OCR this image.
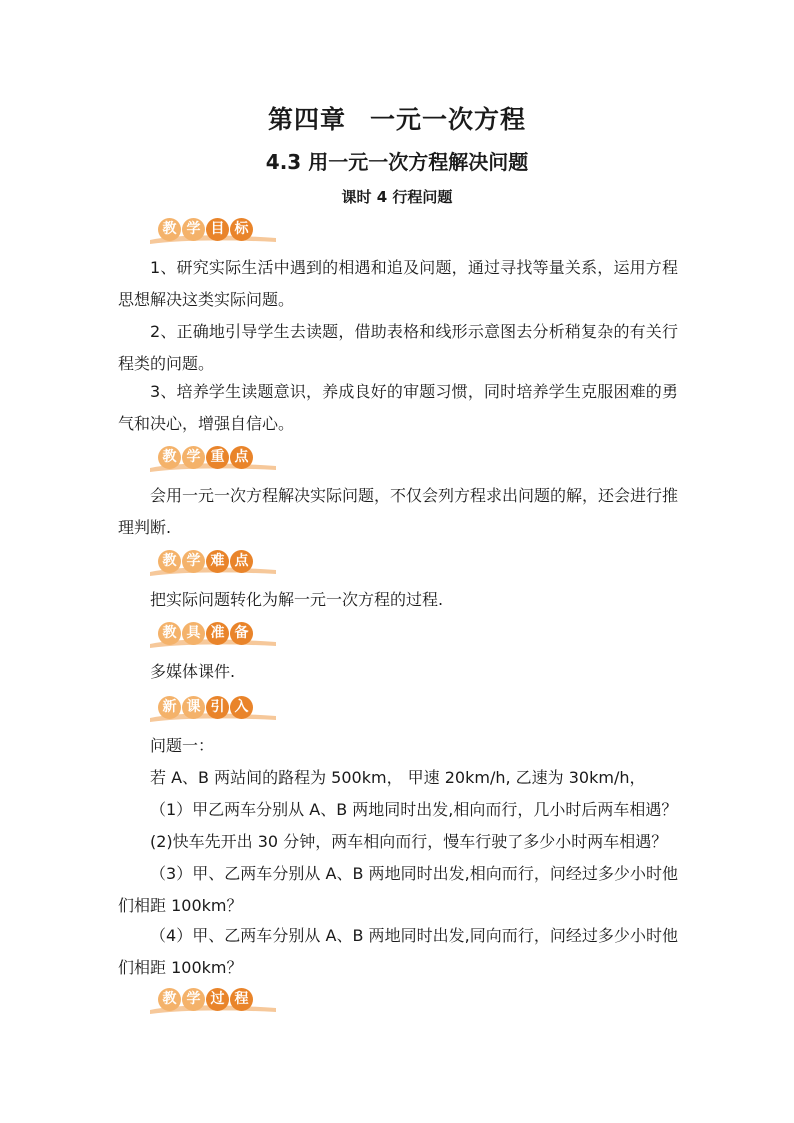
第四章 一元一次方程
4.3 用一元一次方程解决问题
课时 4 行程问题
教 学 目 标
1、研究实际生活中遇到的相遇和追及问题，通过寻找等量关系，运用方程思想解决这类实际问题。
2、正确地引导学生去读题，借助表格和线形示意图去分析稍复杂的有关行程类的问题。
3、培养学生读题意识，养成良好的审题习惯，同时培养学生克服困难的勇气和决心，增强自信心。
教 学 重 点
会用一元一次方程解决实际问题，不仅会列方程求出问题的解，还会进行推理判断.
教 学 难 点
把实际问题转化为解一元一次方程的过程.
教 具 准 备
多媒体课件.
新 课 引 入
问题一：
若 A、B 两站间的路程为 500km， 甲速 20km/h, 乙速为 30km/h，
（1）甲乙两车分别从 A、B 两地同时出发,相向而行，几小时后两车相遇？
(2)快车先开出 30 分钟，两车相向而行，慢车行驶了多少小时两车相遇？
（3）甲、乙两车分别从 A、B 两地同时出发,相向而行，问经过多少小时他们相距 100km？
（4）甲、乙两车分别从 A、B 两地同时出发,同向而行，问经过多少小时他们相距 100km？
教 学 过 程
